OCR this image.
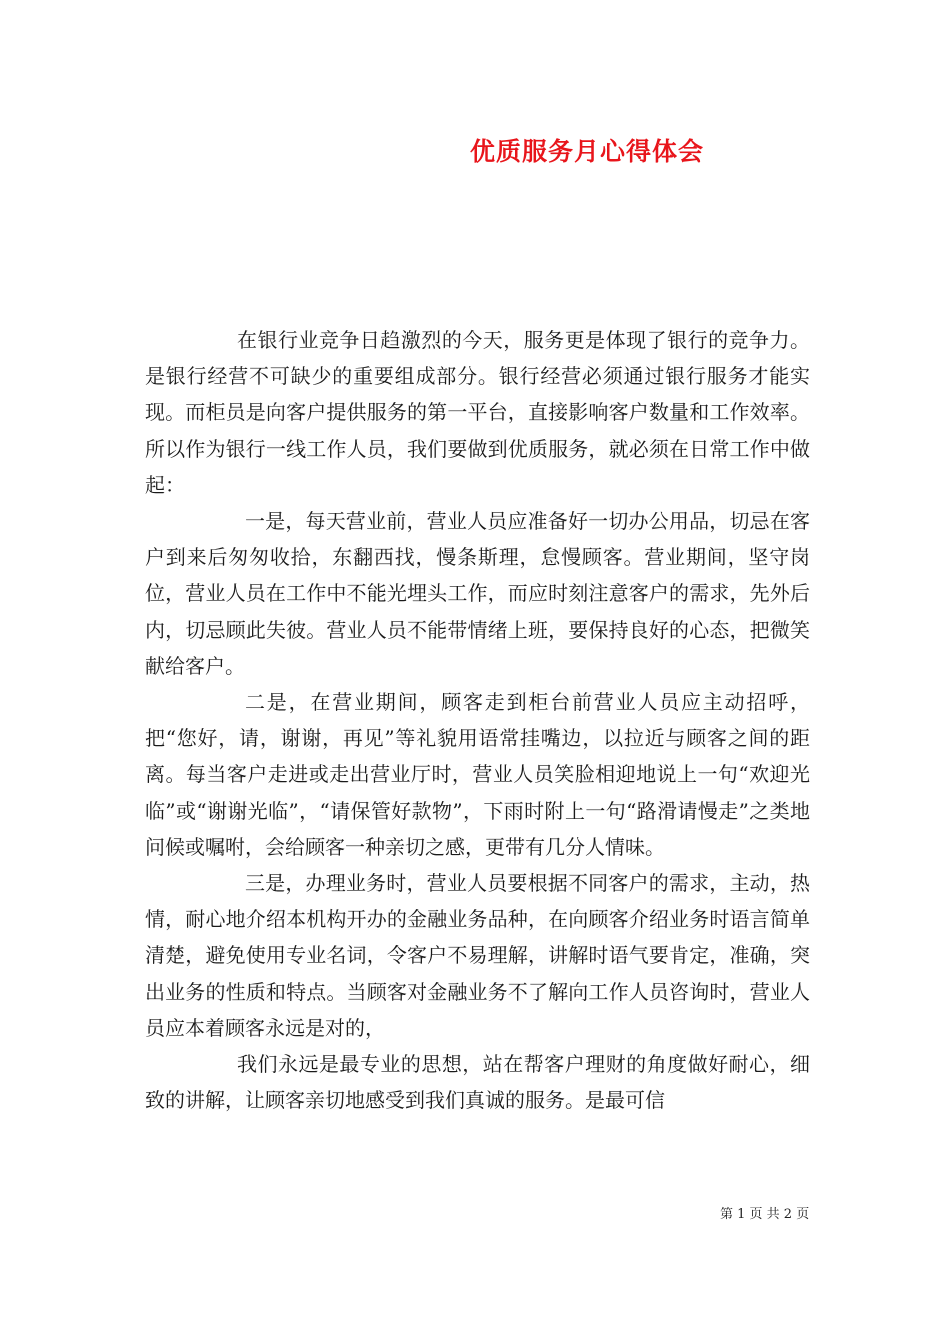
优质服务月心得体会

在银行业竞争日趋激烈的今天，服务更是体现了银行的竞争力。是银行经营不可缺少的重要组成部分。银行经营必须通过银行服务才能实现。而柜员是向客户提供服务的第一平台，直接影响客户数量和工作效率。所以作为银行一线工作人员，我们要做到优质服务，就必须在日常工作中做起：

一是，每天营业前，营业人员应准备好一切办公用品，切忌在客户到来后匆匆收拾，东翻西找，慢条斯理，怠慢顾客。营业期间，坚守岗位，营业人员在工作中不能光埋头工作，而应时刻注意客户的需求，先外后内，切忌顾此失彼。营业人员不能带情绪上班，要保持良好的心态，把微笑献给客户。

二是，在营业期间，顾客走到柜台前营业人员应主动招呼，把“您好，请，谢谢，再见”等礼貌用语常挂嘴边，以拉近与顾客之间的距离。每当客户走进或走出营业厅时，营业人员笑脸相迎地说上一句“欢迎光临”或“谢谢光临”，“请保管好款物”，下雨时附上一句“路滑请慢走”之类地问候或嘱咐，会给顾客一种亲切之感，更带有几分人情味。

三是，办理业务时，营业人员要根据不同客户的需求，主动，热情，耐心地介绍本机构开办的金融业务品种，在向顾客介绍业务时语言简单清楚，避免使用专业名词，令客户不易理解，讲解时语气要肯定，准确，突出业务的性质和特点。当顾客对金融业务不了解向工作人员咨询时，营业人员应本着顾客永远是对的，

我们永远是最专业的思想，站在帮客户理财的角度做好耐心，细致的讲解，让顾客亲切地感受到我们真诚的服务。是最可信

第 1 页 共 2 页
